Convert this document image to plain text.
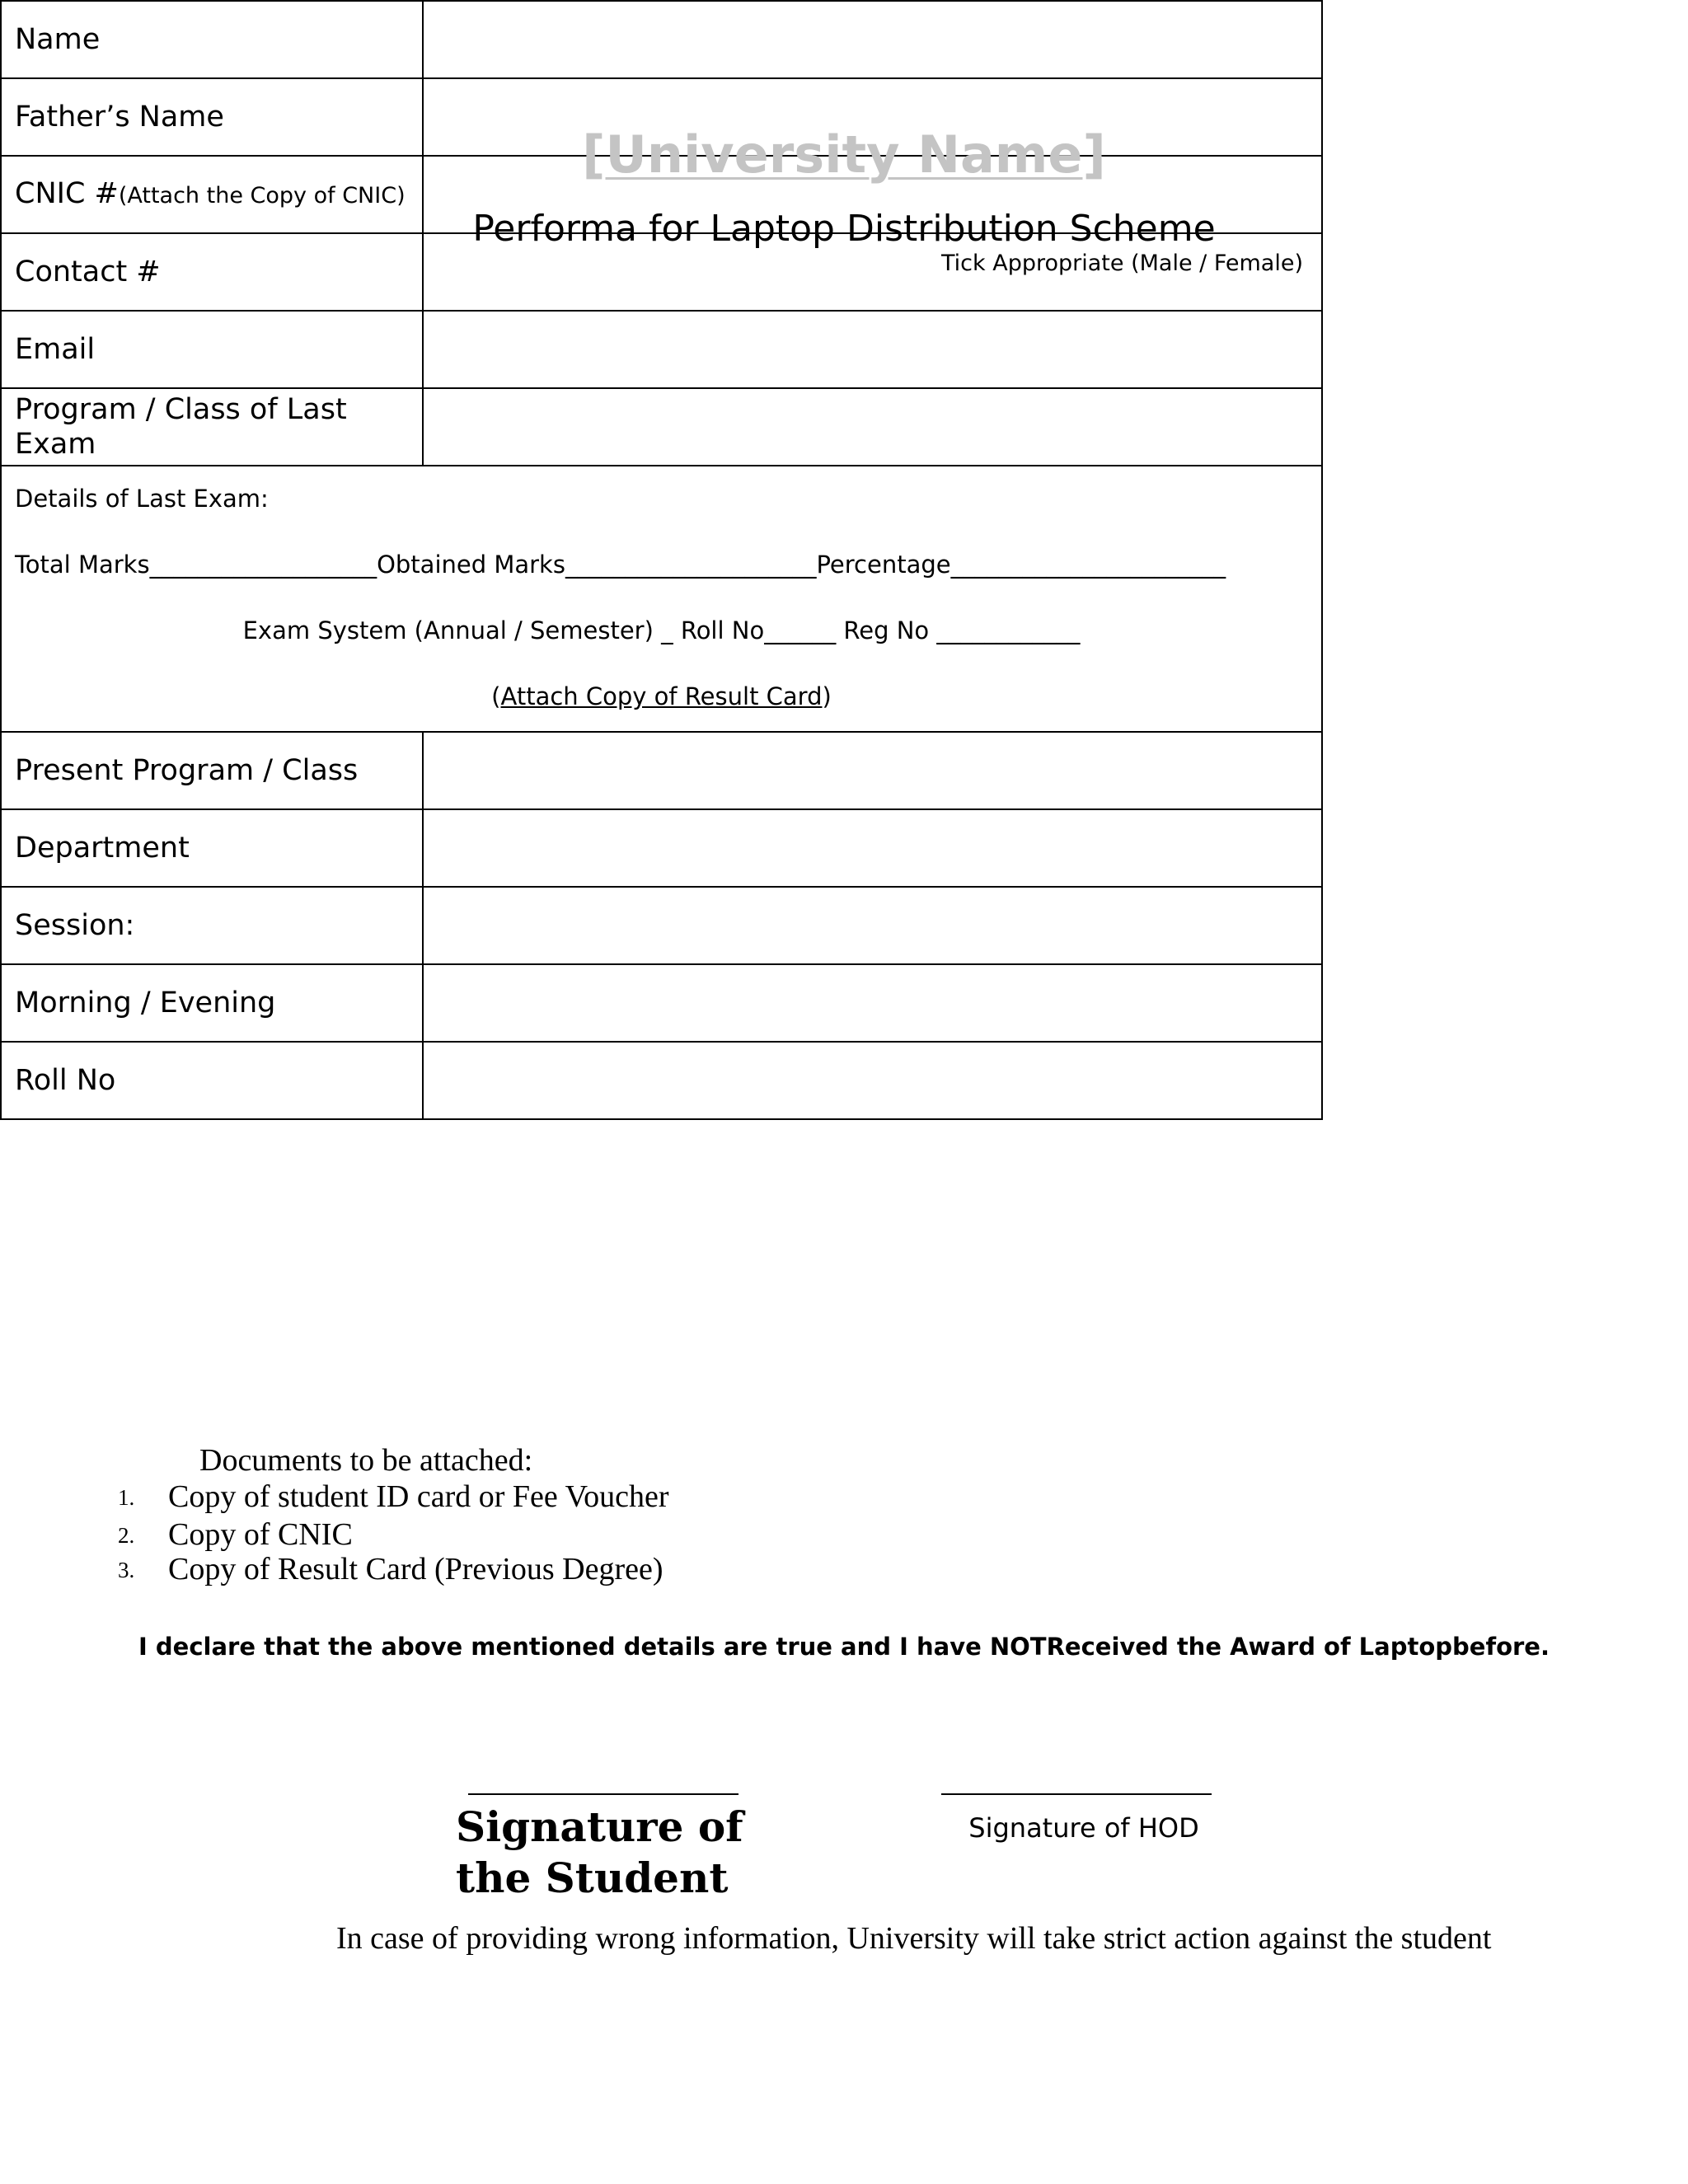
[University Name]
Performa for Laptop Distribution Scheme
Name	
Father’s Name	
CNIC #(Attach the Copy of CNIC)	
Contact #	Tick Appropriate (Male / Female)

Email	
Program / Class of Last Exam	

Details of Last Exam:
Total Marks___________________Obtained Marks_____________________Percentage_______________________
Exam System (Annual / Semester) _ Roll No______ Reg No ____________
(Attach Copy of Result Card)	

Present Program / Class	
Department	
Session:	
Morning / Evening	
Roll No	
Documents to be attached:
1. Copy of student ID card or Fee Voucher
2. Copy of CNIC
3. Copy of Result Card (Previous Degree)
I declare that the above mentioned details are true and I have NOTReceived the Award of Laptopbefore.
Signature of
the Student
Signature of HOD
In case of providing wrong information, University will take strict action against the student
